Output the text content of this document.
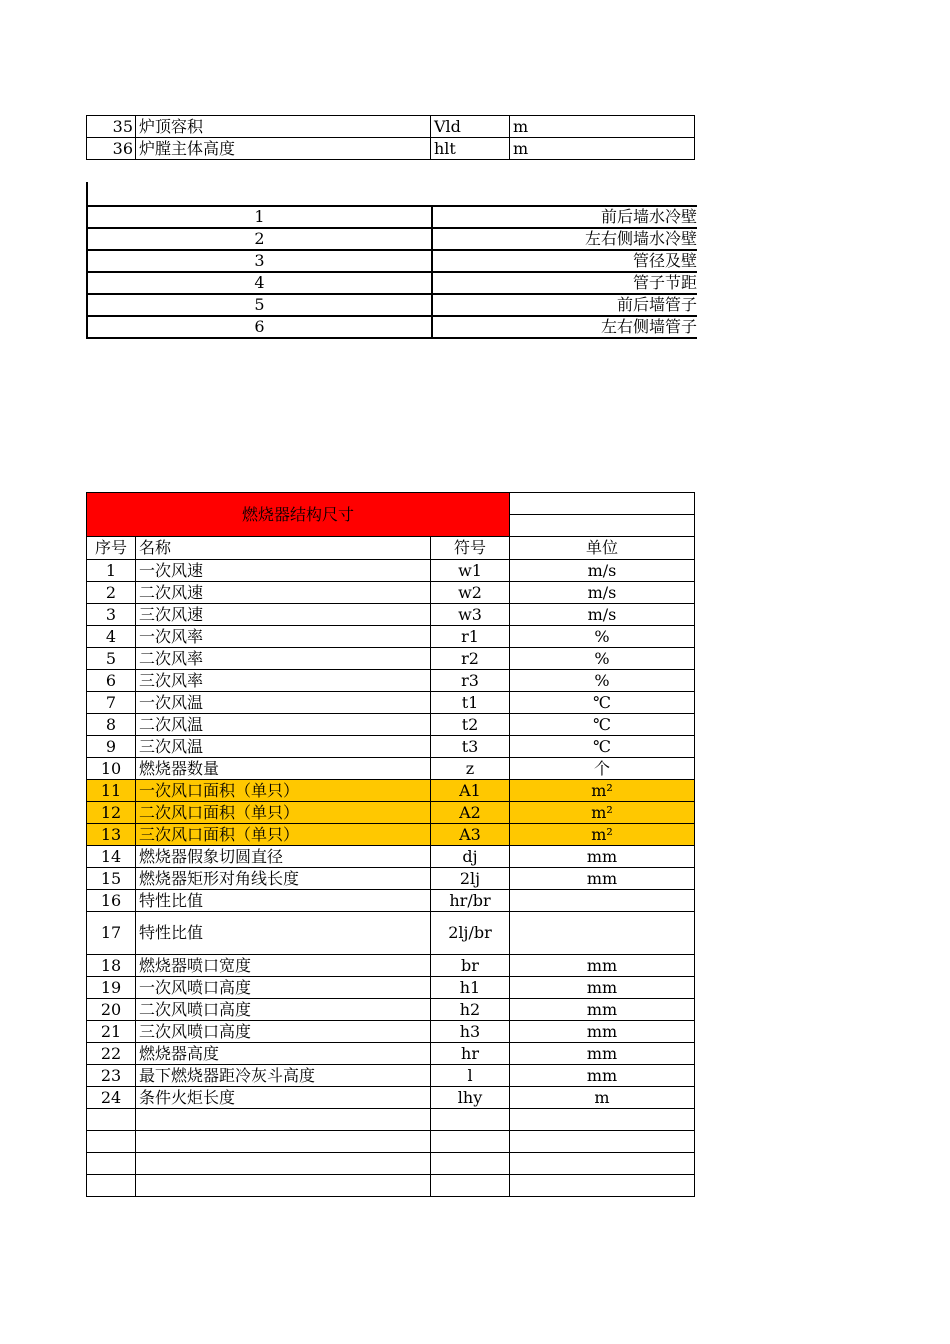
35	炉顶容积	Vld	m
36	炉膛主体高度	hlt	m
1	前后墙水冷壁
2	左右侧墙水冷壁
3	管径及壁
4	管子节距
5	前后墙管子
6	左右侧墙管子
燃烧器结构尺寸			

序号	名称	符号	单位
1	一次风速	w1	m/s
2	二次风速	w2	m/s
3	三次风速	w3	m/s
4	一次风率	r1	%
5	二次风率	r2	%
6	三次风率	r3	%
7	一次风温	t1	℃
8	二次风温	t2	℃
9	三次风温	t3	℃
10	燃烧器数量	z	个
11	一次风口面积（单只）	A1	m²
12	二次风口面积（单只）	A2	m²
13	三次风口面积（单只）	A3	m²
14	燃烧器假象切圆直径	dj	mm
15	燃烧器矩形对角线长度	2lj	mm
16	特性比值	hr/br	
17	特性比值	2lj/br	
18	燃烧器喷口宽度	br	mm
19	一次风喷口高度	h1	mm
20	二次风喷口高度	h2	mm
21	三次风喷口高度	h3	mm
22	燃烧器高度	hr	mm
23	最下燃烧器距冷灰斗高度	l	mm
24	条件火炬长度	lhy	m
